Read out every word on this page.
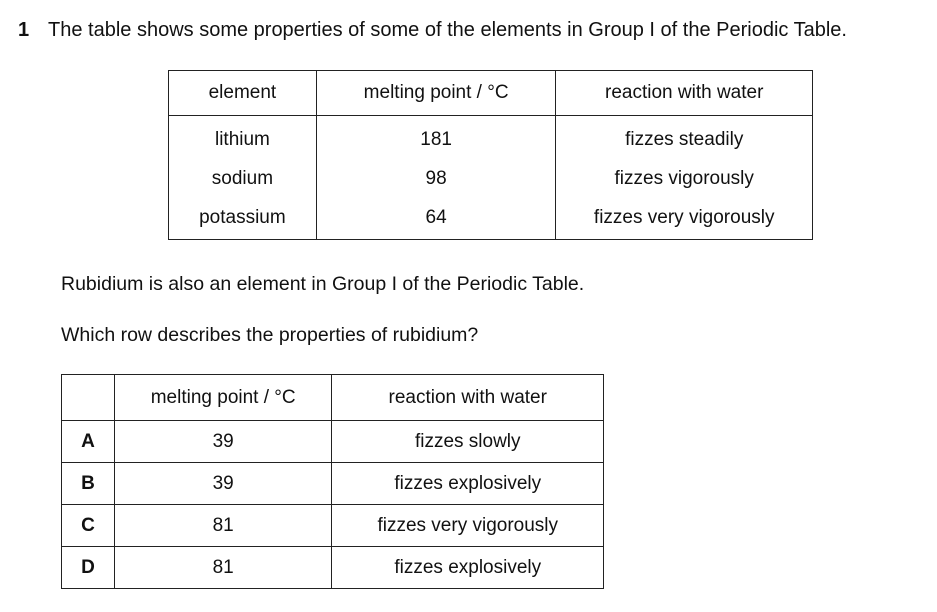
1 The table shows some properties of some of the elements in Group I of the Periodic Table.
element	melting point / °C	reaction with water
lithium	181	fizzes steadily
sodium	98	fizzes vigorously
potassium	64	fizzes very vigorously
Rubidium is also an element in Group I of the Periodic Table.
Which row describes the properties of rubidium?
	melting point / °C	reaction with water
A	39	fizzes slowly
B	39	fizzes explosively
C	81	fizzes very vigorously
D	81	fizzes explosively
